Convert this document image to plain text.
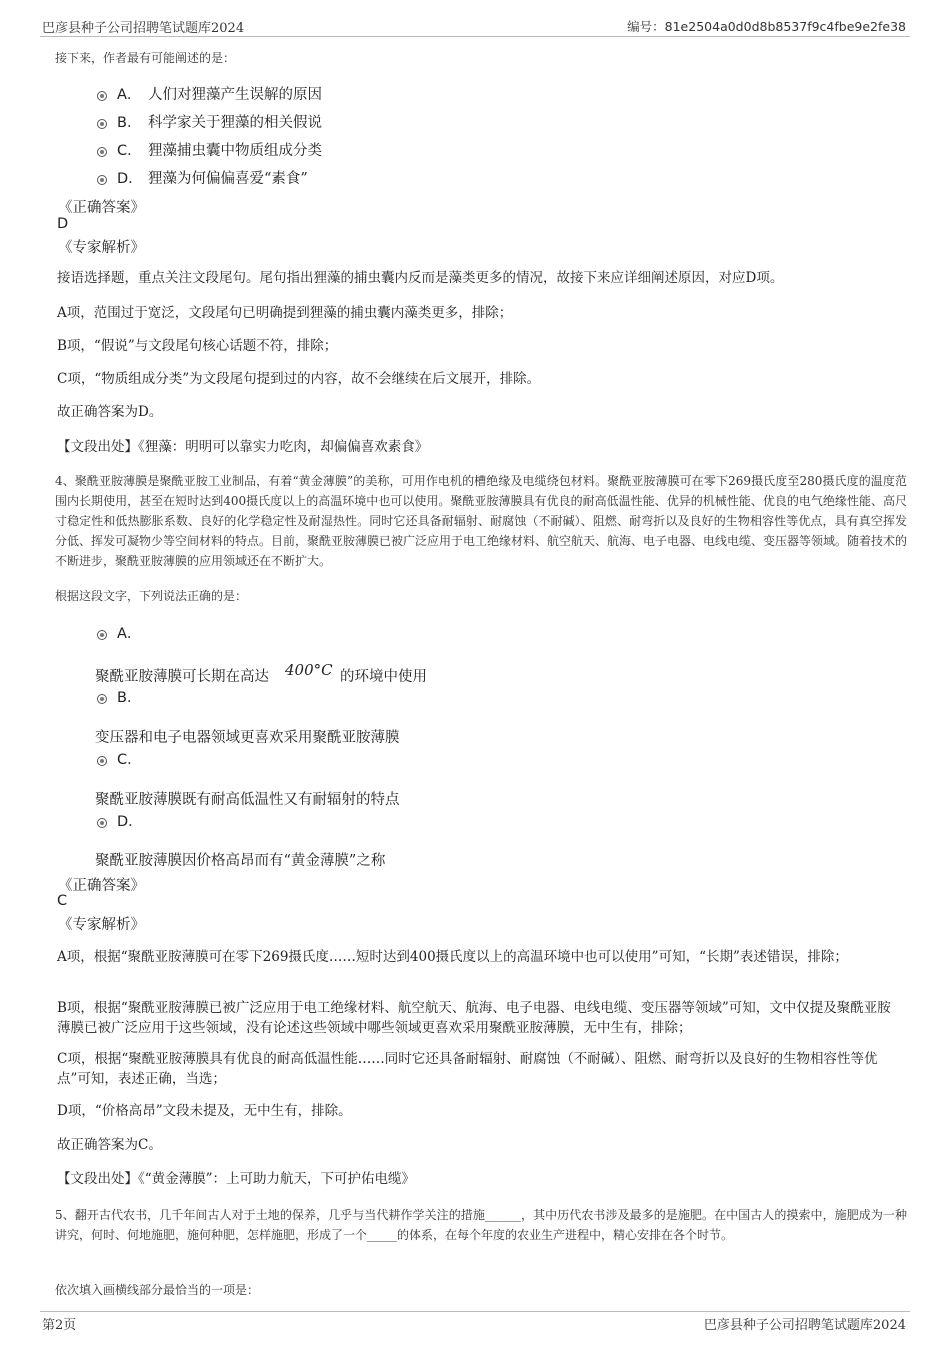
巴彦县种子公司招聘笔试题库2024	编号：81e2504a0d0d8b8537f9c4fbe9e2fe38
接下来，作者最有可能阐述的是：
A． 人们对狸藻产生误解的原因
B． 科学家关于狸藻的相关假说
C． 狸藻捕虫囊中物质组成分类
D． 狸藻为何偏偏喜爱“素食”
《正确答案》
D
《专家解析》
接语选择题，重点关注文段尾句。尾句指出狸藻的捕虫囊内反而是藻类更多的情况，故接下来应详细阐述原因，对应D项。
A项，范围过于宽泛，文段尾句已明确提到狸藻的捕虫囊内藻类更多，排除；
B项，“假说”与文段尾句核心话题不符，排除；
C项，“物质组成分类”为文段尾句提到过的内容，故不会继续在后文展开，排除。
故正确答案为D。
【文段出处】《狸藻：明明可以靠实力吃肉，却偏偏喜欢素食》
4、聚酰亚胺薄膜是聚酰亚胺工业制品，有着“黄金薄膜”的美称，可用作电机的槽绝缘及电缆绕包材料。聚酰亚胺薄膜可在零下269摄氏度至280摄氏度的温度范围内长期使用，甚至在短时达到400摄氏度以上的高温环境中也可以使用。聚酰亚胺薄膜具有优良的耐高低温性能、优异的机械性能、优良的电气绝缘性能、高尺寸稳定性和低热膨胀系数、良好的化学稳定性及耐湿热性。同时它还具备耐辐射、耐腐蚀（不耐碱）、阻燃、耐弯折以及良好的生物相容性等优点，具有真空挥发分低、挥发可凝物少等空间材料的特点。目前，聚酰亚胺薄膜已被广泛应用于电工绝缘材料、航空航天、航海、电子电器、电线电缆、变压器等领域。随着技术的不断进步，聚酰亚胺薄膜的应用领域还在不断扩大。
根据这段文字，下列说法正确的是：
A．
聚酰亚胺薄膜可长期在高达 400°C 的环境中使用
B．
变压器和电子电器领域更喜欢采用聚酰亚胺薄膜
C．
聚酰亚胺薄膜既有耐高低温性又有耐辐射的特点
D．
聚酰亚胺薄膜因价格高昂而有“黄金薄膜”之称
《正确答案》
C
《专家解析》
A项，根据“聚酰亚胺薄膜可在零下269摄氏度……短时达到400摄氏度以上的高温环境中也可以使用”可知，“长期”表述错误，排除；
B项，根据“聚酰亚胺薄膜已被广泛应用于电工绝缘材料、航空航天、航海、电子电器、电线电缆、变压器等领域”可知，文中仅提及聚酰亚胺薄膜已被广泛应用于这些领域，没有论述这些领域中哪些领域更喜欢采用聚酰亚胺薄膜，无中生有，排除；
C项，根据“聚酰亚胺薄膜具有优良的耐高低温性能……同时它还具备耐辐射、耐腐蚀（不耐碱）、阻燃、耐弯折以及良好的生物相容性等优点”可知，表述正确，当选；
D项，“价格高昂”文段未提及，无中生有，排除。
故正确答案为C。
【文段出处】《“黄金薄膜”：上可助力航天，下可护佑电缆》
5、翻开古代农书，几千年间古人对于土地的保养，几乎与当代耕作学关注的措施______，其中历代农书涉及最多的是施肥。在中国古人的摸索中，施肥成为一种讲究，何时、何地施肥，施何种肥，怎样施肥，形成了一个_____的体系，在每个年度的农业生产进程中，精心安排在各个时节。
依次填入画横线部分最恰当的一项是：
第2页	巴彦县种子公司招聘笔试题库2024
